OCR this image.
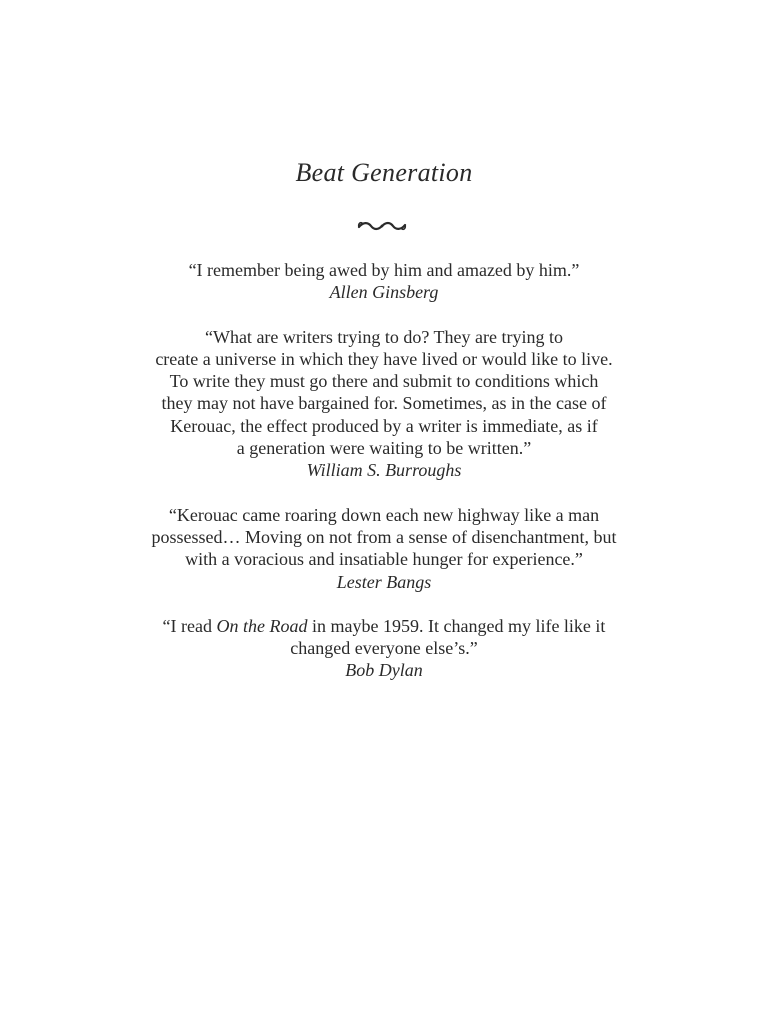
Beat Generation
“I remember being awed by him and amazed by him.”
Allen Ginsberg
“What are writers trying to do? They are trying to
create a universe in which they have lived or would like to live.
To write they must go there and submit to conditions which
they may not have bargained for. Sometimes, as in the case of
Kerouac, the effect produced by a writer is immediate, as if
a generation were waiting to be written.”
William S. Burroughs
“Kerouac came roaring down each new highway like a man
possessed… Moving on not from a sense of disenchantment, but
with a voracious and insatiable hunger for experience.”
Lester Bangs
“I read On the Road in maybe 1959. It changed my life like it
changed everyone else’s.”
Bob Dylan
